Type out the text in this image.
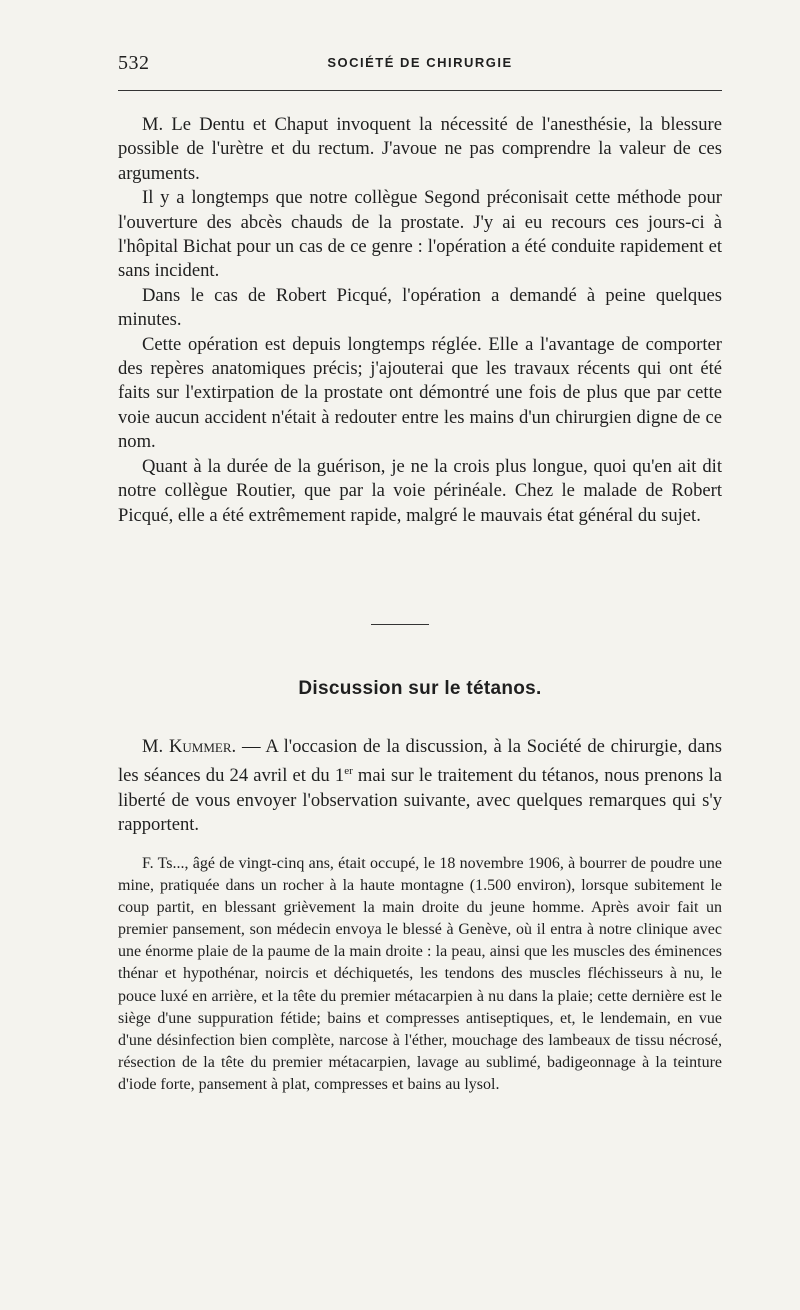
532	SOCIÉTÉ DE CHIRURGIE

M. Le Dentu et Chaput invoquent la nécessité de l'anesthésie, la blessure possible de l'urètre et du rectum. J'avoue ne pas comprendre la valeur de ces arguments.

Il y a longtemps que notre collègue Segond préconisait cette méthode pour l'ouverture des abcès chauds de la prostate. J'y ai eu recours ces jours-ci à l'hôpital Bichat pour un cas de ce genre : l'opération a été conduite rapidement et sans incident.

Dans le cas de Robert Picqué, l'opération a demandé à peine quelques minutes.

Cette opération est depuis longtemps réglée. Elle a l'avantage de comporter des repères anatomiques précis; j'ajouterai que les travaux récents qui ont été faits sur l'extirpation de la prostate ont démontré une fois de plus que par cette voie aucun accident n'était à redouter entre les mains d'un chirurgien digne de ce nom.

Quant à la durée de la guérison, je ne la crois plus longue, quoi qu'en ait dit notre collègue Routier, que par la voie périnéale. Chez le malade de Robert Picqué, elle a été extrêmement rapide, malgré le mauvais état général du sujet.

Discussion sur le tétanos.

M. Kummer. — A l'occasion de la discussion, à la Société de chirurgie, dans les séances du 24 avril et du 1er mai sur le traitement du tétanos, nous prenons la liberté de vous envoyer l'observation suivante, avec quelques remarques qui s'y rapportent.

F. Ts..., âgé de vingt-cinq ans, était occupé, le 18 novembre 1906, à bourrer de poudre une mine, pratiquée dans un rocher à la haute montagne (1.500 environ), lorsque subitement le coup partit, en blessant grièvement la main droite du jeune homme. Après avoir fait un premier pansement, son médecin envoya le blessé à Genève, où il entra à notre clinique avec une énorme plaie de la paume de la main droite : la peau, ainsi que les muscles des éminences thénar et hypothénar, noircis et déchiquetés, les tendons des muscles fléchisseurs à nu, le pouce luxé en arrière, et la tête du premier métacarpien à nu dans la plaie; cette dernière est le siège d'une suppuration fétide; bains et compresses antiseptiques, et, le lendemain, en vue d'une désinfection bien complète, narcose à l'éther, mouchage des lambeaux de tissu nécrosé, résection de la tête du premier métacarpien, lavage au sublimé, badigeonnage à la teinture d'iode forte, pansement à plat, compresses et bains au lysol.
